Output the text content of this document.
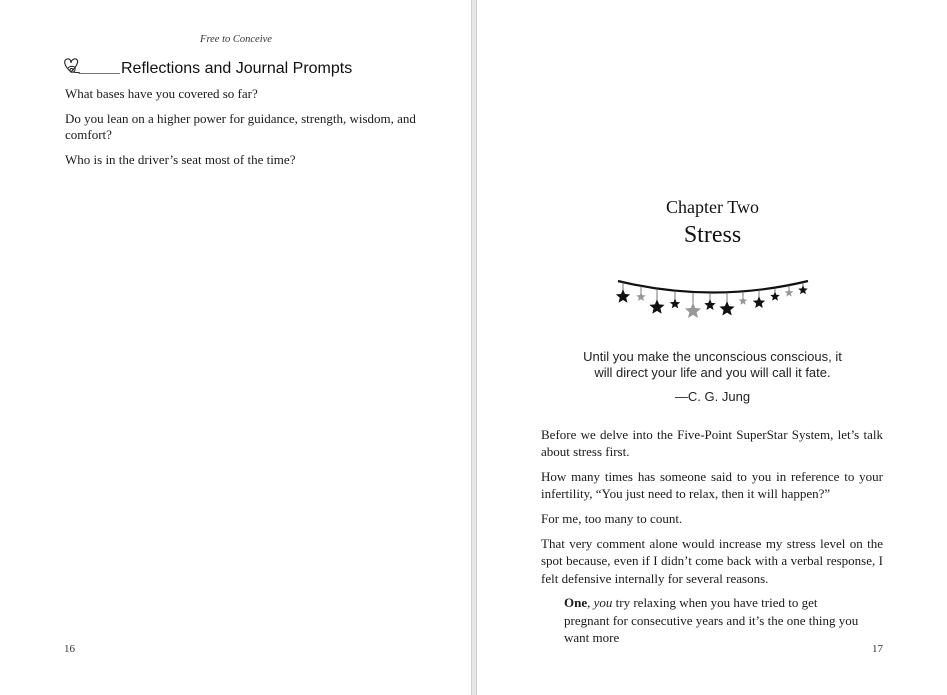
Free to Conceive
Reflections and Journal Prompts

What bases have you covered so far?

Do you lean on a higher power for guidance, strength, wisdom, and comfort?

Who is in the driver’s seat most of the time?

16
Chapter Two
Stress
Until you make the unconscious conscious, it
will direct your life and you will call it fate.
—C. G. Jung

Before we delve into the Five-Point SuperStar System, let’s talk about stress first.

How many times has someone said to you in reference to your infertility, “You just need to relax, then it will happen?”

For me, too many to count.

That very comment alone would increase my stress level on the spot because, even if I didn’t come back with a verbal response, I felt defensive internally for several reasons.

One, you try relaxing when you have tried to get pregnant for consecutive years and it’s the one thing you want more

17
